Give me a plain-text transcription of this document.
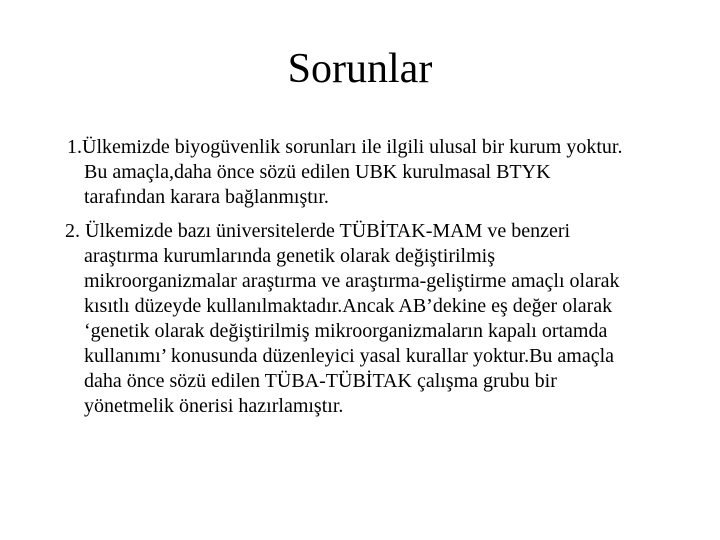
Sorunlar

1.Ülkemizde biyogüvenlik sorunları ile ilgili ulusal bir kurum yoktur.
Bu amaçla,daha önce sözü edilen UBK kurulmasal BTYK
tarafından karara bağlanmıştır.

2. Ülkemizde bazı üniversitelerde TÜBİTAK-MAM ve benzeri
araştırma kurumlarında genetik olarak değiştirilmiş
mikroorganizmalar araştırma ve araştırma-geliştirme amaçlı olarak
kısıtlı düzeyde kullanılmaktadır.Ancak AB’dekine eş değer olarak
‘genetik olarak değiştirilmiş mikroorganizmaların kapalı ortamda
kullanımı’ konusunda düzenleyici yasal kurallar yoktur.Bu amaçla
daha önce sözü edilen TÜBA-TÜBİTAK çalışma grubu bir
yönetmelik önerisi hazırlamıştır.
